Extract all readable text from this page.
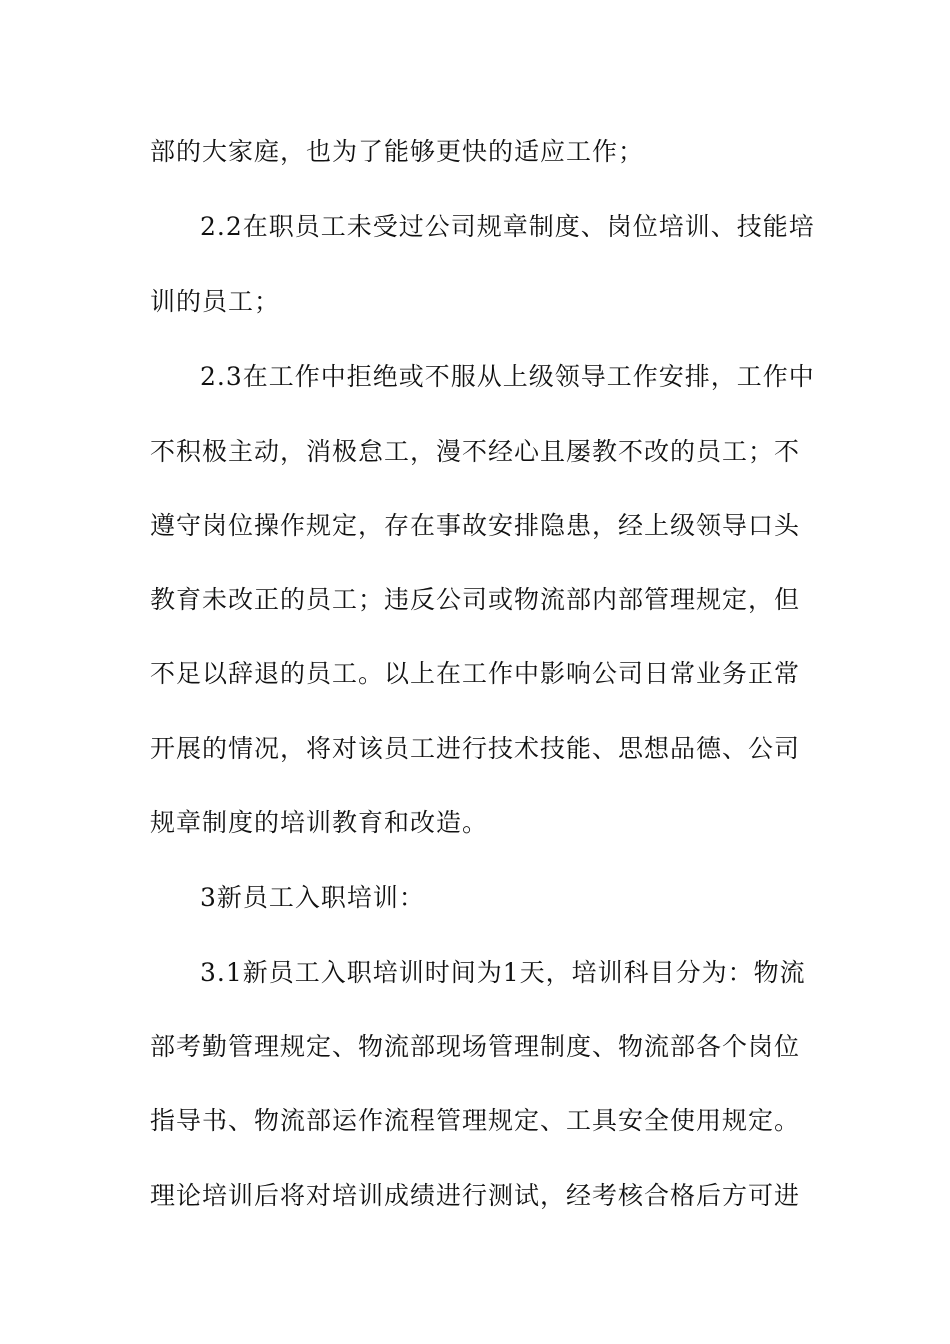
部的大家庭，也为了能够更快的适应工作；
2.2在职员工未受过公司规章制度、岗位培训、技能培
训的员工；
2.3在工作中拒绝或不服从上级领导工作安排，工作中
不积极主动，消极怠工，漫不经心且屡教不改的员工；不
遵守岗位操作规定，存在事故安排隐患，经上级领导口头
教育未改正的员工；违反公司或物流部内部管理规定，但
不足以辞退的员工。以上在工作中影响公司日常业务正常
开展的情况，将对该员工进行技术技能、思想品德、公司
规章制度的培训教育和改造。
3新员工入职培训：
3.1新员工入职培训时间为1天，培训科目分为：物流
部考勤管理规定、物流部现场管理制度、物流部各个岗位
指导书、物流部运作流程管理规定、工具安全使用规定。
理论培训后将对培训成绩进行测试，经考核合格后方可进
